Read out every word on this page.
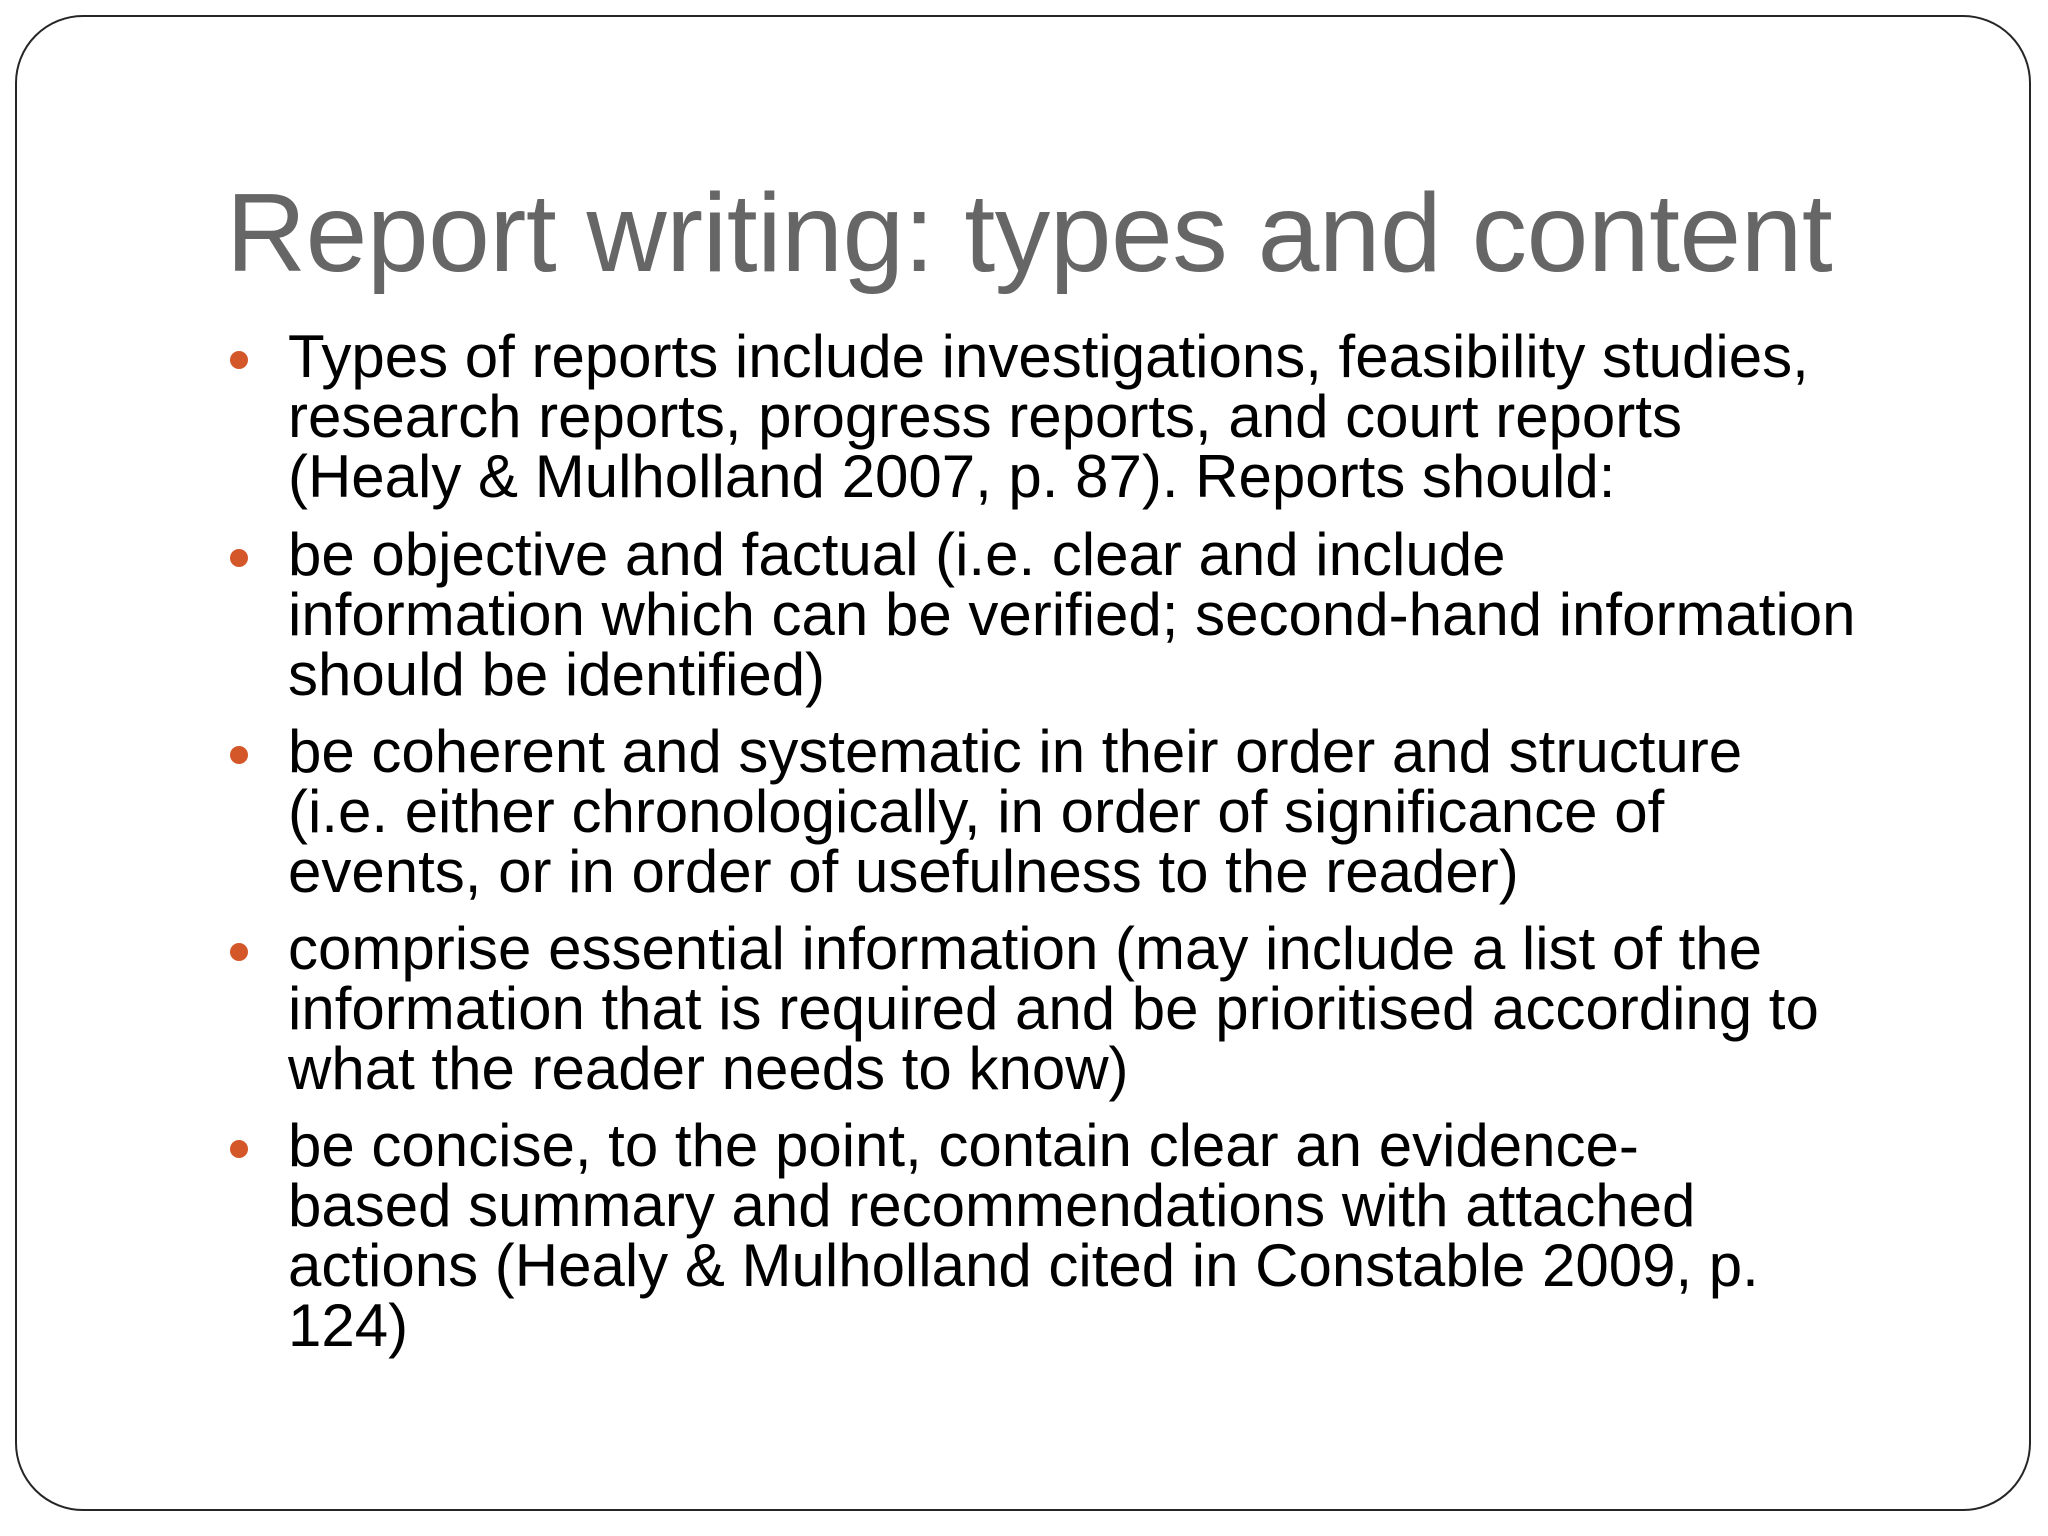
Report writing: types and content
Types of reports include investigations, feasibility studies,
research reports, progress reports, and court reports
(Healy & Mulholland 2007, p. 87). Reports should:
be objective and factual (i.e. clear and include
information which can be verified; second-hand information
should be identified)
be coherent and systematic in their order and structure
(i.e. either chronologically, in order of significance of
events, or in order of usefulness to the reader)
comprise essential information (may include a list of the
information that is required and be prioritised according to
what the reader needs to know)
be concise, to the point, contain clear an evidence-
based summary and recommendations with attached
actions (Healy & Mulholland cited in Constable 2009, p.
124)
